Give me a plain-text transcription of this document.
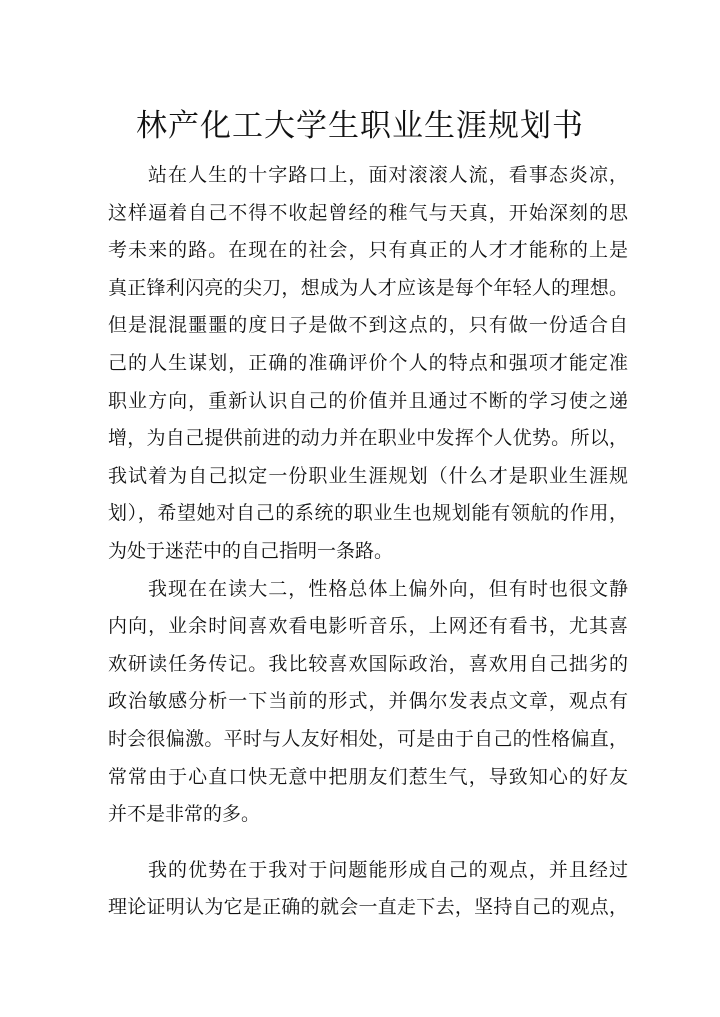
林产化工大学生职业生涯规划书
站在人生的十字路口上，面对滚滚人流，看事态炎凉，
这样逼着自己不得不收起曾经的稚气与天真，开始深刻的思
考未来的路。在现在的社会，只有真正的人才才能称的上是
真正锋利闪亮的尖刀，想成为人才应该是每个年轻人的理想。
但是混混噩噩的度日子是做不到这点的，只有做一份适合自
己的人生谋划，正确的准确评价个人的特点和强项才能定准
职业方向，重新认识自己的价值并且通过不断的学习使之递
增，为自己提供前进的动力并在职业中发挥个人优势。所以，
我试着为自己拟定一份职业生涯规划（什么才是职业生涯规
划），希望她对自己的系统的职业生也规划能有领航的作用，
为处于迷茫中的自己指明一条路。
我现在在读大二，性格总体上偏外向，但有时也很文静
内向，业余时间喜欢看电影听音乐，上网还有看书，尤其喜
欢研读任务传记。我比较喜欢国际政治，喜欢用自己拙劣的
政治敏感分析一下当前的形式，并偶尔发表点文章，观点有
时会很偏激。平时与人友好相处，可是由于自己的性格偏直，
常常由于心直口快无意中把朋友们惹生气，导致知心的好友
并不是非常的多。
我的优势在于我对于问题能形成自己的观点，并且经过
理论证明认为它是正确的就会一直走下去，坚持自己的观点，
